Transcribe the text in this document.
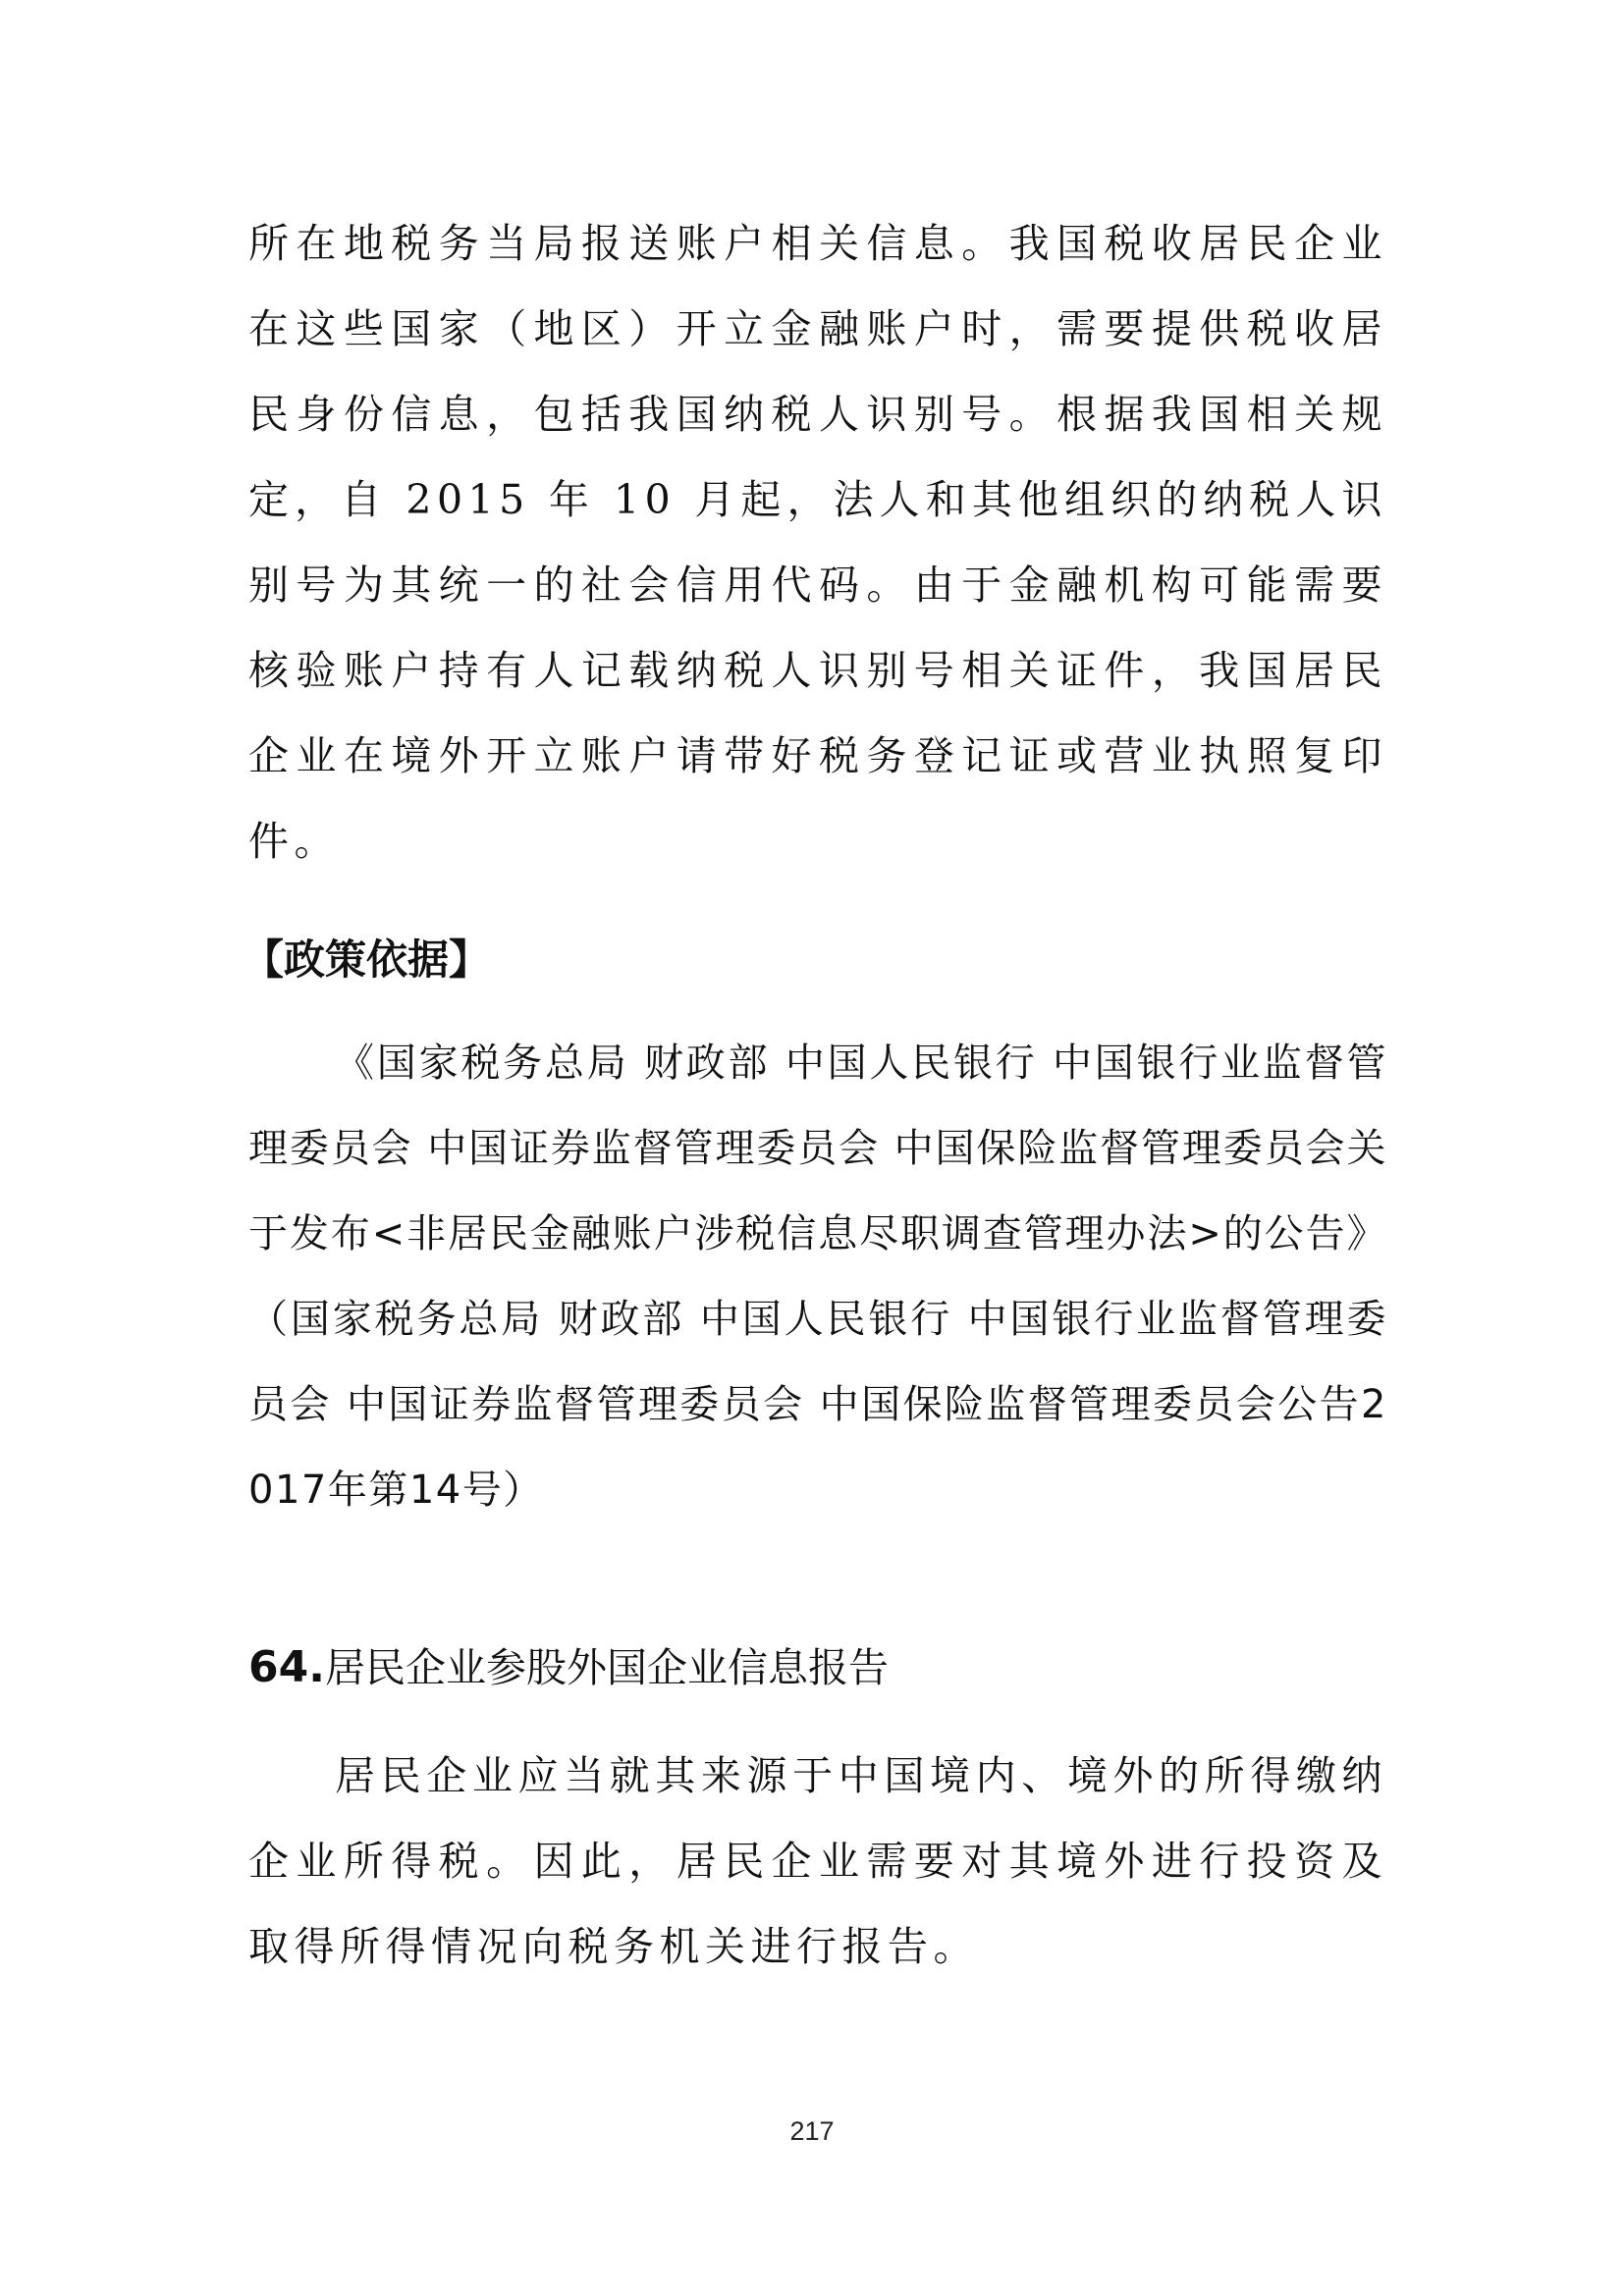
所在地税务当局报送账户相关信息。我国税收居民企业在这些国家（地区）开立金融账户时，需要提供税收居民身份信息，包括我国纳税人识别号。根据我国相关规定，自 2015 年 10 月起，法人和其他组织的纳税人识别号为其统一的社会信用代码。由于金融机构可能需要核验账户持有人记载纳税人识别号相关证件，我国居民企业在境外开立账户请带好税务登记证或营业执照复印件。

【政策依据】

《国家税务总局 财政部 中国人民银行 中国银行业监督管理委员会 中国证券监督管理委员会 中国保险监督管理委员会关于发布<非居民金融账户涉税信息尽职调查管理办法>的公告》（国家税务总局 财政部 中国人民银行 中国银行业监督管理委员会 中国证券监督管理委员会 中国保险监督管理委员会公告2017年第14号）

64.居民企业参股外国企业信息报告

居民企业应当就其来源于中国境内、境外的所得缴纳企业所得税。因此，居民企业需要对其境外进行投资及取得所得情况向税务机关进行报告。

217
